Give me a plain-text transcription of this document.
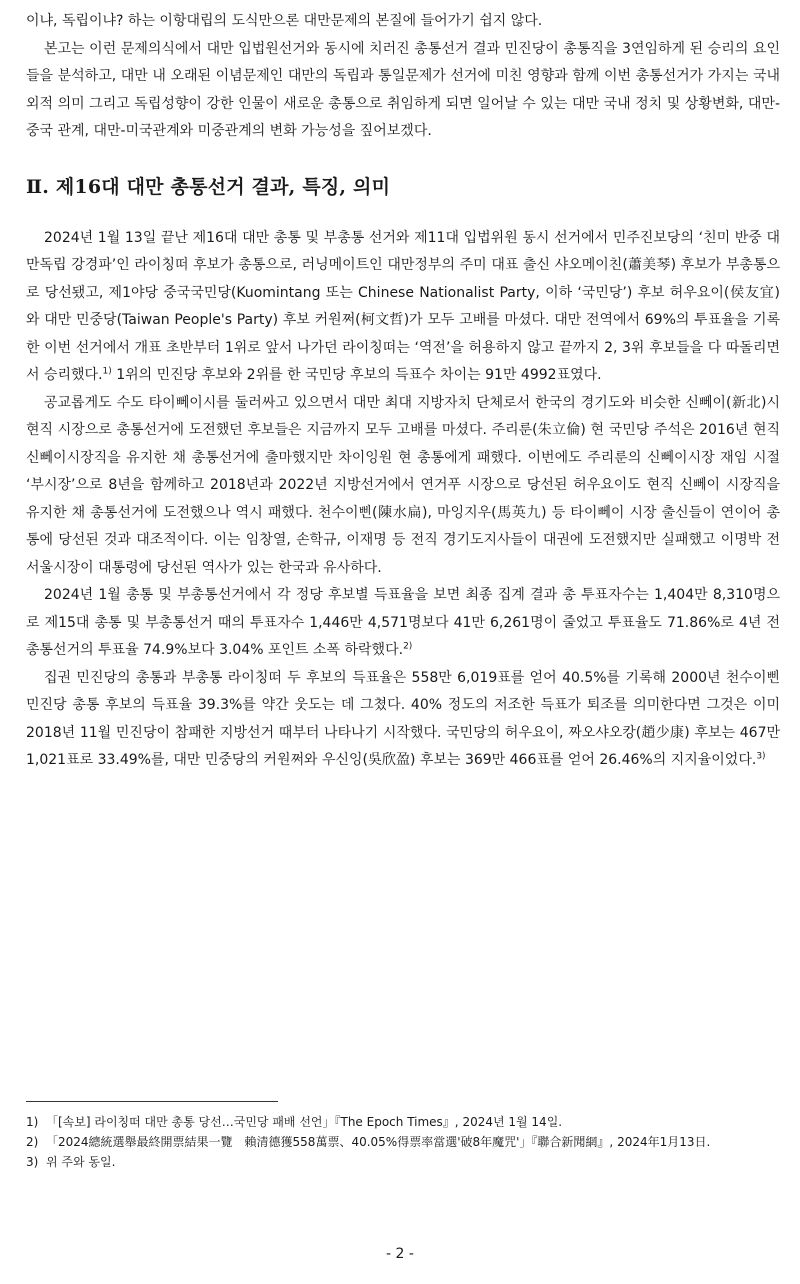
이냐, 독립이냐? 하는 이항대립의 도식만으론 대만문제의 본질에 들어가기 쉽지 않다.

본고는 이런 문제의식에서 대만 입법원선거와 동시에 치러진 총통선거 결과 민진당이 총통직을 3연임하게 된 승리의 요인들을 분석하고, 대만 내 오래된 이념문제인 대만의 독립과 통일문제가 선거에 미친 영향과 함께 이번 총통선거가 가지는 국내외적 의미 그리고 독립성향이 강한 인물이 새로운 총통으로 취임하게 되면 일어날 수 있는 대만 국내 정치 및 상황변화, 대만-중국 관계, 대만-미국관계와 미중관계의 변화 가능성을 짚어보겠다.

Ⅱ. 제16대 대만 총통선거 결과, 특징, 의미

2024년 1월 13일 끝난 제16대 대만 총통 및 부총통 선거와 제11대 입법위원 동시 선거에서 민주진보당의 ‘친미 반중 대만독립 강경파’인 라이칭떠 후보가 총통으로, 러닝메이트인 대만정부의 주미 대표 출신 샤오메이친(蕭美琴) 후보가 부총통으로 당선됐고, 제1야당 중국국민당(Kuomintang 또는 Chinese Nationalist Party, 이하 ‘국민당’) 후보 허우요이(侯友宜)와 대만 민중당(Taiwan People's Party) 후보 커원쩌(柯文哲)가 모두 고배를 마셨다. 대만 전역에서 69%의 투표율을 기록한 이번 선거에서 개표 초반부터 1위로 앞서 나가던 라이칭떠는 ‘역전’을 허용하지 않고 끝까지 2, 3위 후보들을 다 따돌리면서 승리했다.$^{1)}$ 1위의 민진당 후보와 2위를 한 국민당 후보의 득표수 차이는 91만 4992표였다.

공교롭게도 수도 타이뻬이시를 둘러싸고 있으면서 대만 최대 지방자치 단체로서 한국의 경기도와 비슷한 신뻬이(新北)시 현직 시장으로 총통선거에 도전했던 후보들은 지금까지 모두 고배를 마셨다. 주리룬(朱立倫) 현 국민당 주석은 2016년 현직 신뻬이시장직을 유지한 채 총통선거에 출마했지만 차이잉원 현 총통에게 패했다. 이번에도 주리룬의 신뻬이시장 재임 시절 ‘부시장’으로 8년을 함께하고 2018년과 2022년 지방선거에서 연거푸 시장으로 당선된 허우요이도 현직 신뻬이 시장직을 유지한 채 총통선거에 도전했으나 역시 패했다. 천수이삔(陳水扁), 마잉지우(馬英九) 등 타이뻬이 시장 출신들이 연이어 총통에 당선된 것과 대조적이다. 이는 임창열, 손학규, 이재명 등 전직 경기도지사들이 대권에 도전했지만 실패했고 이명박 전 서울시장이 대통령에 당선된 역사가 있는 한국과 유사하다.

2024년 1월 총통 및 부총통선거에서 각 정당 후보별 득표율을 보면 최종 집계 결과 총 투표자수는 1,404만 8,310명으로 제15대 총통 및 부총통선거 때의 투표자수 1,446만 4,571명보다 41만 6,261명이 줄었고 투표율도 71.86%로 4년 전 총통선거의 투표율 74.9%보다 3.04% 포인트 소폭 하락했다.$^{2)}$

집권 민진당의 총통과 부총통 라이칭떠 두 후보의 득표율은 558만 6,019표를 얻어 40.5%를 기록해 2000년 천수이삔 민진당 총통 후보의 득표율 39.3%를 약간 웃도는 데 그쳤다. 40% 정도의 저조한 득표가 퇴조를 의미한다면 그것은 이미 2018년 11월 민진당이 참패한 지방선거 때부터 나타나기 시작했다. 국민당의 허우요이, 짜오샤오캉(趙少康) 후보는 467만 1,021표로 33.49%를, 대만 민중당의 커원쩌와 우신잉(吳欣盈) 후보는 369만 466표를 얻어 26.46%의 지지율이었다.$^{3)}$

1) 「[속보] 라이칭떠 대만 총통 당선…국민당 패배 선언」『The Epoch Times』, 2024년 1월 14일.
2) 「2024總統選舉最終開票結果一覽　賴清德獲558萬票、40.05%得票率當選'破8年魔咒'」『聯合新聞網』, 2024年1月13日.
3) 위 주와 동일.
- 2 -
